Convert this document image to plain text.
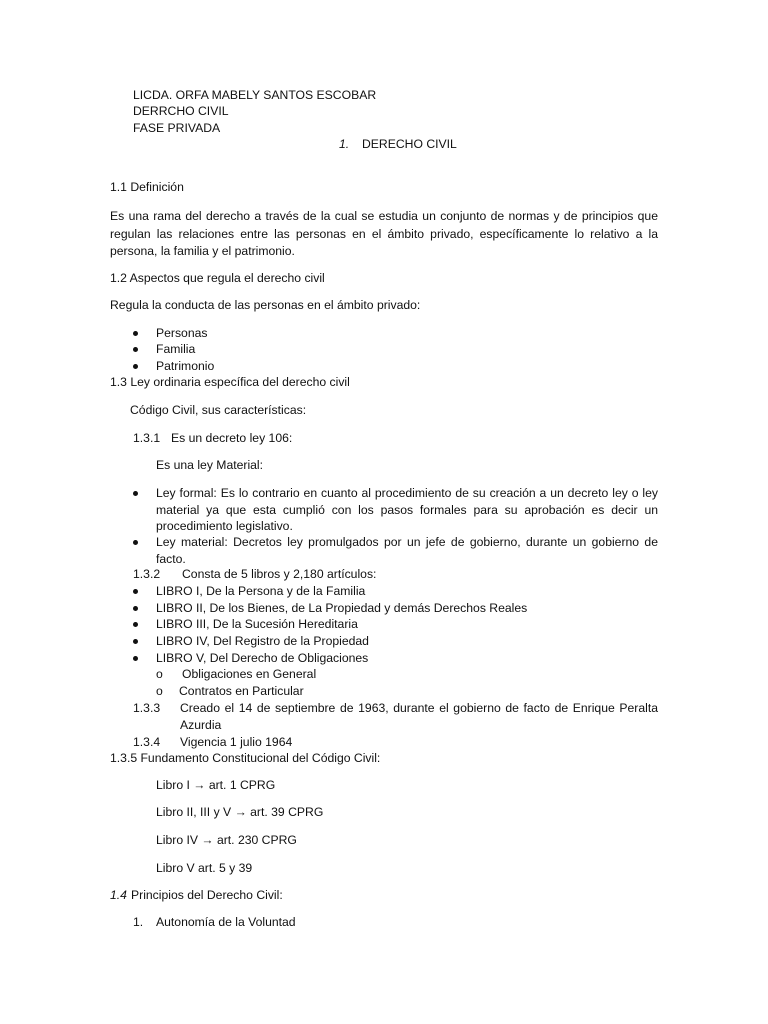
LICDA. ORFA MABELY SANTOS ESCOBAR
DERRCHO CIVIL
FASE PRIVADA
1. DERECHO CIVIL
1.1 Definición
Es una rama del derecho a través de la cual se estudia un conjunto de normas y de principios que regulan las relaciones entre las personas en el ámbito privado, específicamente lo relativo a la persona, la familia y el patrimonio.
1.2 Aspectos que regula el derecho civil
Regula la conducta de las personas en el ámbito privado:
Personas
Familia
Patrimonio
1.3 Ley ordinaria específica del derecho civil
Código Civil, sus características:
1.3.1 Es un decreto ley 106:
Es una ley Material:
Ley formal: Es lo contrario en cuanto al procedimiento de su creación a un decreto ley o ley material ya que esta cumplió con los pasos formales para su aprobación es decir un procedimiento legislativo.
Ley material: Decretos ley promulgados por un jefe de gobierno, durante un gobierno de facto.
1.3.2 Consta de 5 libros y 2,180 artículos:
LIBRO I, De la Persona y de la Familia
LIBRO II, De los Bienes, de La Propiedad y demás Derechos Reales
LIBRO III, De la Sucesión Hereditaria
LIBRO IV, Del Registro de la Propiedad
LIBRO V, Del Derecho de Obligaciones
o Obligaciones en General
o Contratos en Particular
1.3.3 Creado el 14 de septiembre de 1963, durante el gobierno de facto de Enrique Peralta Azurdia
1.3.4 Vigencia 1 julio 1964
1.3.5 Fundamento Constitucional del Código Civil:
Libro I → art. 1 CPRG
Libro II, III y V → art. 39 CPRG
Libro IV → art. 230 CPRG
Libro V art. 5 y 39
1.4 Principios del Derecho Civil:
1. Autonomía de la Voluntad
